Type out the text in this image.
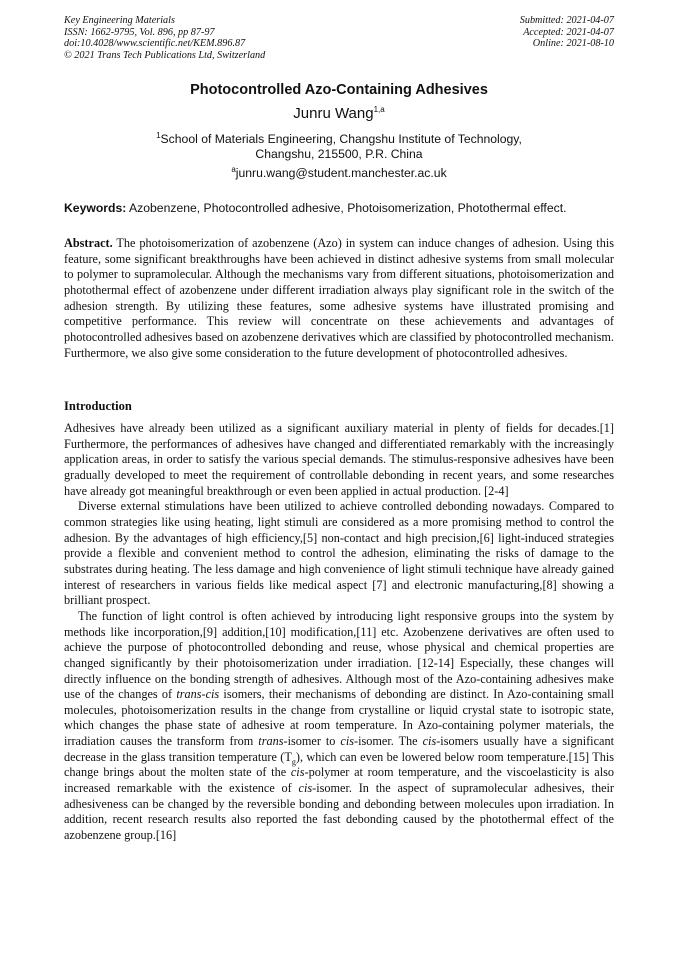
Key Engineering Materials
ISSN: 1662-9795, Vol. 896, pp 87-97
doi:10.4028/www.scientific.net/KEM.896.87
© 2021 Trans Tech Publications Ltd, Switzerland
Submitted: 2021-04-07
Accepted: 2021-04-07
Online: 2021-08-10
Photocontrolled Azo-Containing Adhesives
Junru Wang$^{1,a}$
$^1$School of Materials Engineering, Changshu Institute of Technology,
Changshu, 215500, P.R. China
$^a$junru.wang@student.manchester.ac.uk
Keywords: Azobenzene, Photocontrolled adhesive, Photoisomerization, Photothermal effect.

Abstract. The photoisomerization of azobenzene (Azo) in system can induce changes of adhesion. Using this feature, some significant breakthroughs have been achieved in distinct adhesive systems from small molecular to polymer to supramolecular. Although the mechanisms vary from different situations, photoisomerization and photothermal effect of azobenzene under different irradiation always play significant role in the switch of the adhesion strength. By utilizing these features, some adhesive systems have illustrated promising and competitive performance. This review will concentrate on these achievements and advantages of photocontrolled adhesives based on azobenzene derivatives which are classified by photocontrolled mechanism. Furthermore, we also give some consideration to the future development of photocontrolled adhesives.

Introduction

Adhesives have already been utilized as a significant auxiliary material in plenty of fields for decades.[1] Furthermore, the performances of adhesives have changed and differentiated remarkably with the increasingly application areas, in order to satisfy the various special demands. The stimulus-responsive adhesives have been gradually developed to meet the requirement of controllable debonding in recent years, and some researches have already got meaningful breakthrough or even been applied in actual production. [2-4]

Diverse external stimulations have been utilized to achieve controlled debonding nowadays. Compared to common strategies like using heating, light stimuli are considered as a more promising method to control the adhesion. By the advantages of high efficiency,[5] non-contact and high precision,[6] light-induced strategies provide a flexible and convenient method to control the adhesion, eliminating the risks of damage to the substrates during heating. The less damage and high convenience of light stimuli technique have already gained interest of researchers in various fields like medical aspect [7] and electronic manufacturing,[8] showing a brilliant prospect.

The function of light control is often achieved by introducing light responsive groups into the system by methods like incorporation,[9] addition,[10] modification,[11] etc. Azobenzene derivatives are often used to achieve the purpose of photocontrolled debonding and reuse, whose physical and chemical properties are changed significantly by their photoisomerization under irradiation. [12-14] Especially, these changes will directly influence on the bonding strength of adhesives. Although most of the Azo-containing adhesives make use of the changes of trans-cis isomers, their mechanisms of debonding are distinct. In Azo-containing small molecules, photoisomerization results in the change from crystalline or liquid crystal state to isotropic state, which changes the phase state of adhesive at room temperature. In Azo-containing polymer materials, the irradiation causes the transform from trans-isomer to cis-isomer. The cis-isomers usually have a significant decrease in the glass transition temperature $(T_g)$, which can even be lowered below room temperature.[15] This change brings about the molten state of the cis-polymer at room temperature, and the viscoelasticity is also increased remarkable with the existence of cis-isomer. In the aspect of supramolecular adhesives, their adhesiveness can be changed by the reversible bonding and debonding between molecules upon irradiation. In addition, recent research results also reported the fast debonding caused by the photothermal effect of the azobenzene group.[16]
